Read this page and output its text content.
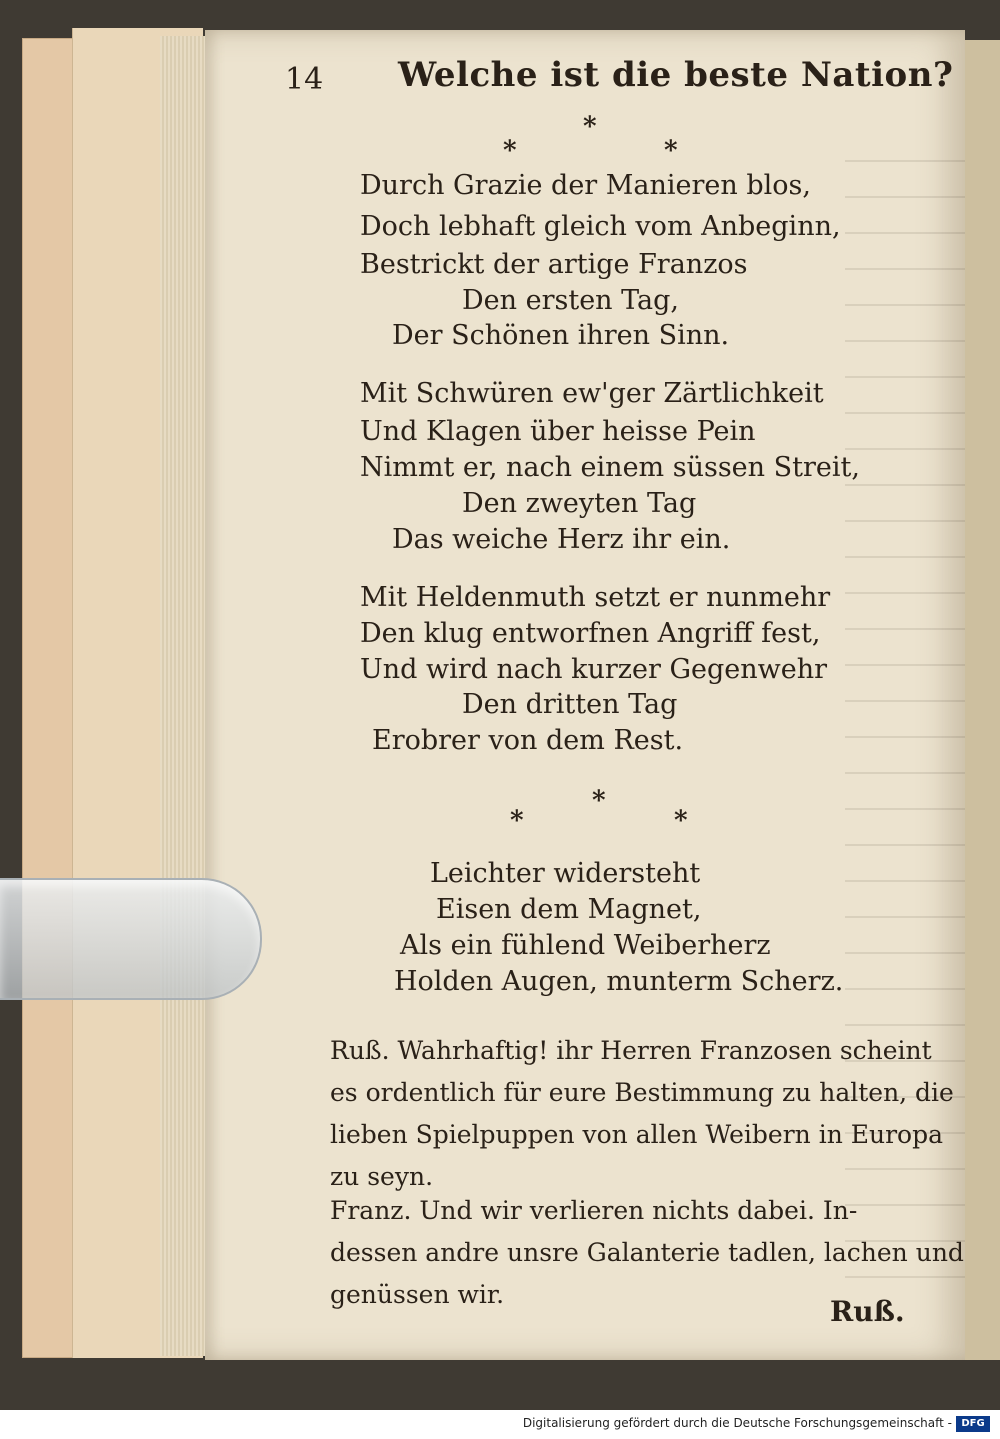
14 Welche ist die beste Nation?
*
*	*
Durch Grazie der Manieren blos,
Doch lebhaft gleich vom Anbeginn,
Bestrickt der artige Franzos
Den ersten Tag,
Der Schönen ihren Sinn.
Mit Schwüren ew'ger Zärtlichkeit
Und Klagen über heisse Pein
Nimmt er, nach einem süssen Streit,
Den zweyten Tag
Das weiche Herz ihr ein.
Mit Heldenmuth setzt er nunmehr
Den klug entworfnen Angriff fest,
Und wird nach kurzer Gegenwehr
Den dritten Tag
Erobrer von dem Rest.
*
*	*
Leichter widersteht
Eisen dem Magnet,
Als ein fühlend Weiberherz
Holden Augen, munterm Scherz.
Ruß. Wahrhaftig! ihr Herren Franzosen scheint
es ordentlich für eure Bestimmung zu halten, die
lieben Spielpuppen von allen Weibern in Europa
zu seyn.
Franz. Und wir verlieren nichts dabei. In-
dessen andre unsre Galanterie tadlen, lachen und
genüssen wir.
Ruß.
Digitalisierung gefördert durch die Deutsche Forschungsgemeinschaft - DFG
